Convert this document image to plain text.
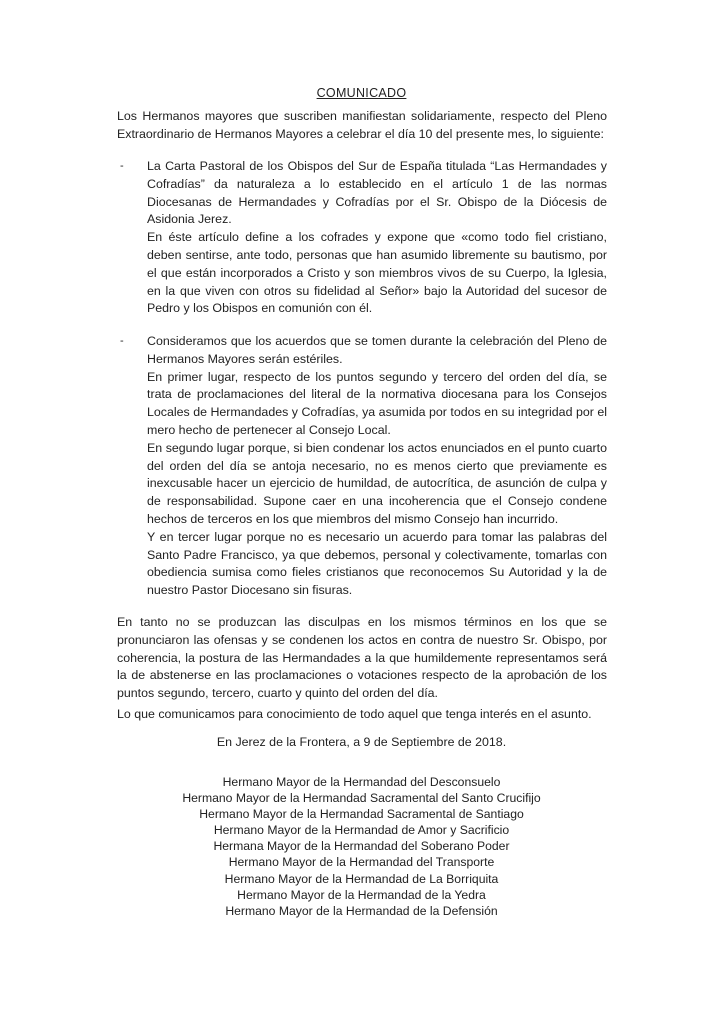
COMUNICADO

Los Hermanos mayores que suscriben manifiestan solidariamente, respecto del Pleno Extraordinario de Hermanos Mayores a celebrar el día 10 del presente mes, lo siguiente:

- La Carta Pastoral de los Obispos del Sur de España titulada “Las Hermandades y Cofradías” da naturaleza a lo establecido en el artículo 1 de las normas Diocesanas de Hermandades y Cofradías por el Sr. Obispo de la Diócesis de Asidonia Jerez.

En éste artículo define a los cofrades y expone que «como todo fiel cristiano, deben sentirse, ante todo, personas que han asumido libremente su bautismo, por el que están incorporados a Cristo y son miembros vivos de su Cuerpo, la Iglesia, en la que viven con otros su fidelidad al Señor» bajo la Autoridad del sucesor de Pedro y los Obispos en comunión con él.

- Consideramos que los acuerdos que se tomen durante la celebración del Pleno de Hermanos Mayores serán estériles.

En primer lugar, respecto de los puntos segundo y tercero del orden del día, se trata de proclamaciones del literal de la normativa diocesana para los Consejos Locales de Hermandades y Cofradías, ya asumida por todos en su integridad por el mero hecho de pertenecer al Consejo Local.

En segundo lugar porque, si bien condenar los actos enunciados en el punto cuarto del orden del día se antoja necesario, no es menos cierto que previamente es inexcusable hacer un ejercicio de humildad, de autocrítica, de asunción de culpa y de responsabilidad. Supone caer en una incoherencia que el Consejo condene hechos de terceros en los que miembros del mismo Consejo han incurrido.

Y en tercer lugar porque no es necesario un acuerdo para tomar las palabras del Santo Padre Francisco, ya que debemos, personal y colectivamente, tomarlas con obediencia sumisa como fieles cristianos que reconocemos Su Autoridad y la de nuestro Pastor Diocesano sin fisuras.

En tanto no se produzcan las disculpas en los mismos términos en los que se pronunciaron las ofensas y se condenen los actos en contra de nuestro Sr. Obispo, por coherencia, la postura de las Hermandades a la que humildemente representamos será la de abstenerse en las proclamaciones o votaciones respecto de la aprobación de los puntos segundo, tercero, cuarto y quinto del orden del día.

Lo que comunicamos para conocimiento de todo aquel que tenga interés en el asunto.

En Jerez de la Frontera, a 9 de Septiembre de 2018.
Hermano Mayor de la Hermandad del Desconsuelo
Hermano Mayor de la Hermandad Sacramental del Santo Crucifijo
Hermano Mayor de la Hermandad Sacramental de Santiago
Hermano Mayor de la Hermandad de Amor y Sacrificio
Hermana Mayor de la Hermandad del Soberano Poder
Hermano Mayor de la Hermandad del Transporte
Hermano Mayor de la Hermandad de La Borriquita
Hermano Mayor de la Hermandad de la Yedra
Hermano Mayor de la Hermandad de la Defensión
